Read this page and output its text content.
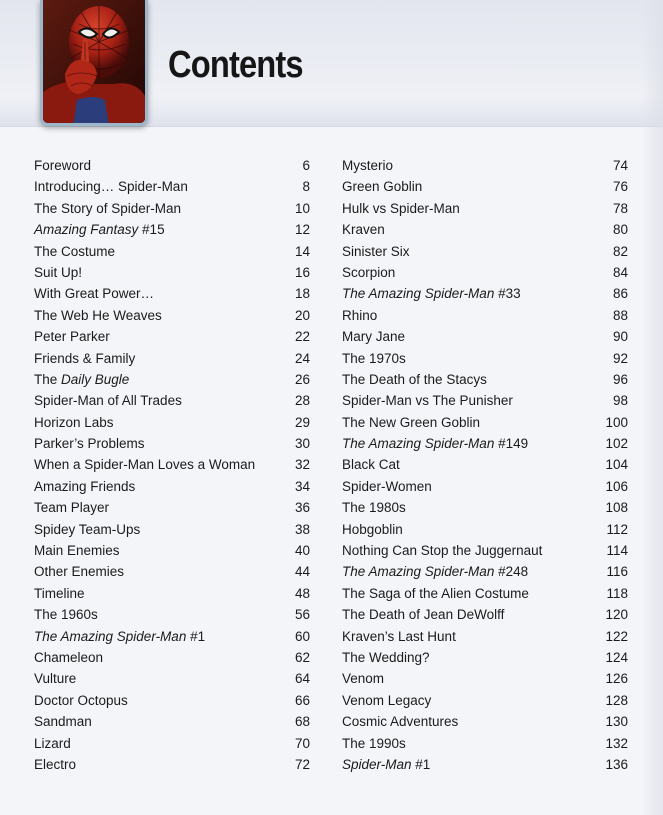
Contents
Foreword	6
Introducing… Spider-Man	8
The Story of Spider-Man	10
Amazing Fantasy #15	12
The Costume	14
Suit Up!	16
With Great Power…	18
The Web He Weaves	20
Peter Parker	22
Friends & Family	24
The Daily Bugle	26
Spider-Man of All Trades	28
Horizon Labs	29
Parker’s Problems	30
When a Spider-Man Loves a Woman	32
Amazing Friends	34
Team Player	36
Spidey Team-Ups	38
Main Enemies	40
Other Enemies	44
Timeline	48
The 1960s	56
The Amazing Spider-Man #1	60
Chameleon	62
Vulture	64
Doctor Octopus	66
Sandman	68
Lizard	70
Electro	72
Mysterio	74
Green Goblin	76
Hulk vs Spider-Man	78
Kraven	80
Sinister Six	82
Scorpion	84
The Amazing Spider-Man #33	86
Rhino	88
Mary Jane	90
The 1970s	92
The Death of the Stacys	96
Spider-Man vs The Punisher	98
The New Green Goblin	100
The Amazing Spider-Man #149	102
Black Cat	104
Spider-Women	106
The 1980s	108
Hobgoblin	112
Nothing Can Stop the Juggernaut	114
The Amazing Spider-Man #248	116
The Saga of the Alien Costume	118
The Death of Jean DeWolff	120
Kraven’s Last Hunt	122
The Wedding?	124
Venom	126
Venom Legacy	128
Cosmic Adventures	130
The 1990s	132
Spider-Man #1	136
